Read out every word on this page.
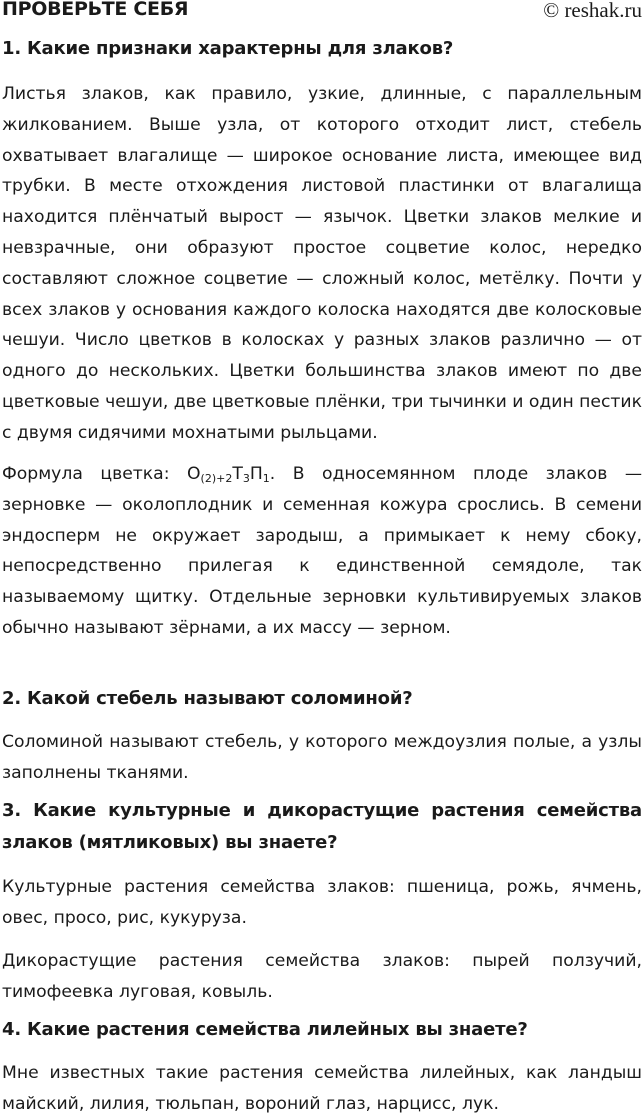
ПРОВЕРЬТЕ СЕБЯ	© reshak.ru
1. Какие признаки характерны для злаков?

Листья злаков, как правило, узкие, длинные, с параллельным жилкованием. Выше узла, от которого отходит лист, стебель охватывает влагалище — широкое основание листа, имеющее вид трубки. В месте отхождения листовой пластинки от влагалища находится плёнчатый вырост — язычок. Цветки злаков мелкие и невзрачные, они образуют простое соцветие колос, нередко составляют сложное соцветие — сложный колос, метёлку. Почти у всех злаков у основания каждого колоска находятся две колосковые чешуи. Число цветков в колосках у разных злаков различно — от одного до нескольких. Цветки большинства злаков имеют по две цветковые чешуи, две цветковые плёнки, три тычинки и один пестик с двумя сидячими мохнатыми рыльцами.

Формула цветка: $О_{(2)+2}Т_3П_1$. В односемянном плоде злаков — зерновке — околоплодник и семенная кожура срослись. В семени эндосперм не окружает зародыш, а примыкает к нему сбоку, непосредственно прилегая к единственной семядоле, так называемому щитку. Отдельные зерновки культивируемых злаков обычно называют зёрнами, а их массу — зерном.

2. Какой стебель называют соломиной?

Соломиной называют стебель, у которого междоузлия полые, а узлы заполнены тканями.

3. Какие культурные и дикорастущие растения семейства злаков (мятликовых) вы знаете?

Культурные растения семейства злаков: пшеница, рожь, ячмень, овес, просо, рис, кукуруза.

Дикорастущие растения семейства злаков: пырей ползучий, тимофеевка луговая, ковыль.

4. Какие растения семейства лилейных вы знаете?

Мне известных такие растения семейства лилейных, как ландыш майский, лилия, тюльпан, вороний глаз, нарцисс, лук.
